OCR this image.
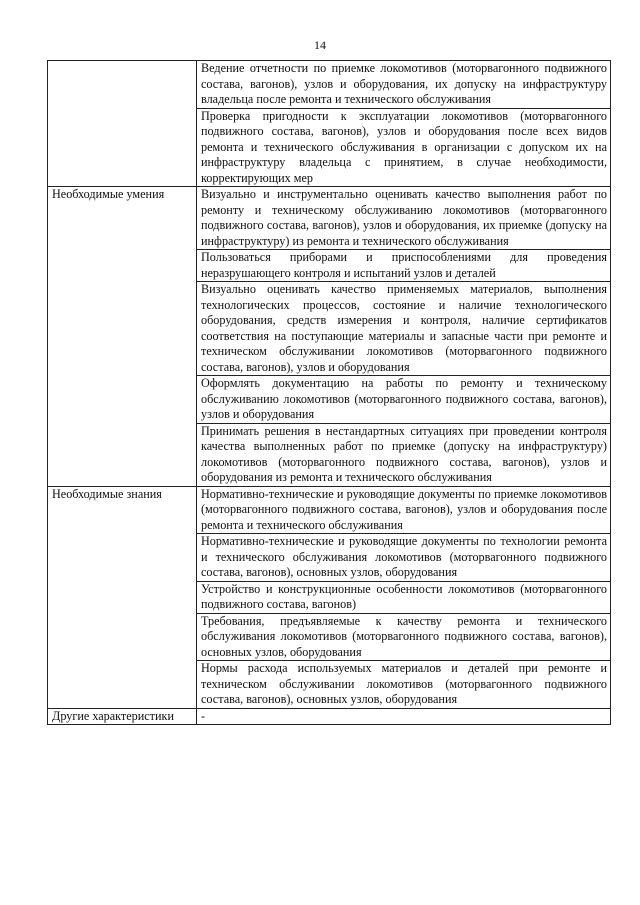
14
	Ведение отчетности по приемке локомотивов (моторвагонного подвижного состава, вагонов), узлов и оборудования, их допуску на инфраструктуру владельца после ремонта и технического обслуживания
	Проверка пригодности к эксплуатации локомотивов (моторвагонного подвижного состава, вагонов), узлов и оборудования после всех видов ремонта и технического обслуживания в организации с допуском их на инфраструктуру владельца с принятием, в случае необходимости, корректирующих мер

Необходимые умения	Визуально и инструментально оценивать качество выполнения работ по ремонту и техническому обслуживанию локомотивов (моторвагонного подвижного состава, вагонов), узлов и оборудования, их приемке (допуску на инфраструктуру) из ремонта и технического обслуживания
	Пользоваться приборами и приспособлениями для проведения неразрушающего контроля и испытаний узлов и деталей
	Визуально оценивать качество применяемых материалов, выполнения технологических процессов, состояние и наличие технологического оборудования, средств измерения и контроля, наличие сертификатов соответствия на поступающие материалы и запасные части при ремонте и техническом обслуживании локомотивов (моторвагонного подвижного состава, вагонов), узлов и оборудования
	Оформлять документацию на работы по ремонту и техническому обслуживанию локомотивов (моторвагонного подвижного состава, вагонов), узлов и оборудования
	Принимать решения в нестандартных ситуациях при проведении контроля качества выполненных работ по приемке (допуску на инфраструктуру) локомотивов (моторвагонного подвижного состава, вагонов), узлов и оборудования из ремонта и технического обслуживания

Необходимые знания	Нормативно-технические и руководящие документы по приемке локомотивов (моторвагонного подвижного состава, вагонов), узлов и оборудования после ремонта и технического обслуживания
	Нормативно-технические и руководящие документы по технологии ремонта и технического обслуживания локомотивов (моторвагонного подвижного состава, вагонов), основных узлов, оборудования
	Устройство и конструкционные особенности локомотивов (моторвагонного подвижного состава, вагонов)
	Требования, предъявляемые к качеству ремонта и технического обслуживания локомотивов (моторвагонного подвижного состава, вагонов), основных узлов, оборудования
	Нормы расхода используемых материалов и деталей при ремонте и техническом обслуживании локомотивов (моторвагонного подвижного состава, вагонов), основных узлов, оборудования

Другие характеристики	-
